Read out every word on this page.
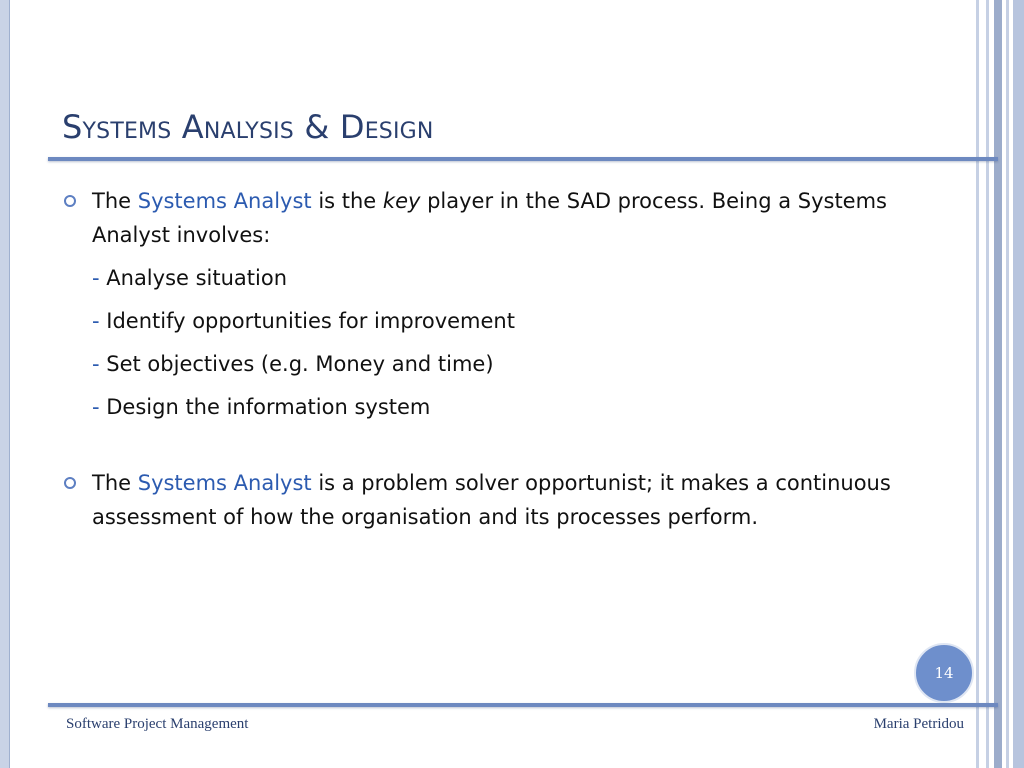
Systems Analysis & Design
The Systems Analyst is the key player in the SAD process. Being a Systems Analyst involves:
- Analyse situation
- Identify opportunities for improvement
- Set objectives (e.g. Money and time)
- Design the information system
The Systems Analyst is a problem solver opportunist; it makes a continuous assessment of how the organisation and its processes perform.
14
Software Project Management	Maria Petridou
